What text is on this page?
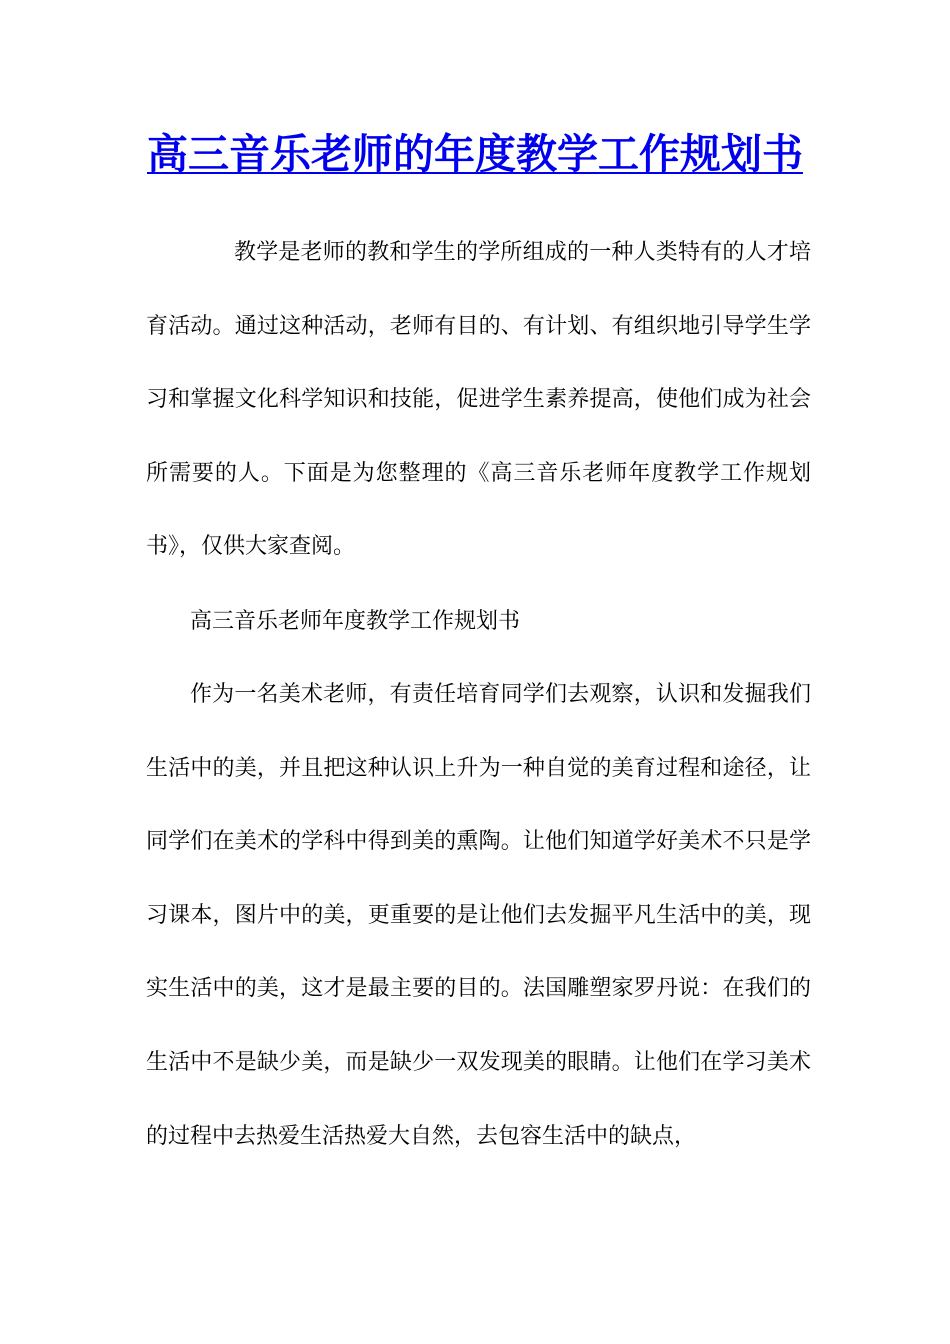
高三音乐老师的年度教学工作规划书

教学是老师的教和学生的学所组成的一种人类特有的人才培育活动。通过这种活动，老师有目的、有计划、有组织地引导学生学习和掌握文化科学知识和技能，促进学生素养提高，使他们成为社会所需要的人。下面是为您整理的《高三音乐老师年度教学工作规划书》，仅供大家查阅。

高三音乐老师年度教学工作规划书

作为一名美术老师，有责任培育同学们去观察，认识和发掘我们生活中的美，并且把这种认识上升为一种自觉的美育过程和途径，让同学们在美术的学科中得到美的熏陶。让他们知道学好美术不只是学习课本，图片中的美，更重要的是让他们去发掘平凡生活中的美，现实生活中的美，这才是最主要的目的。法国雕塑家罗丹说：在我们的生活中不是缺少美，而是缺少一双发现美的眼睛。让他们在学习美术的过程中去热爱生活热爱大自然，去包容生活中的缺点，
